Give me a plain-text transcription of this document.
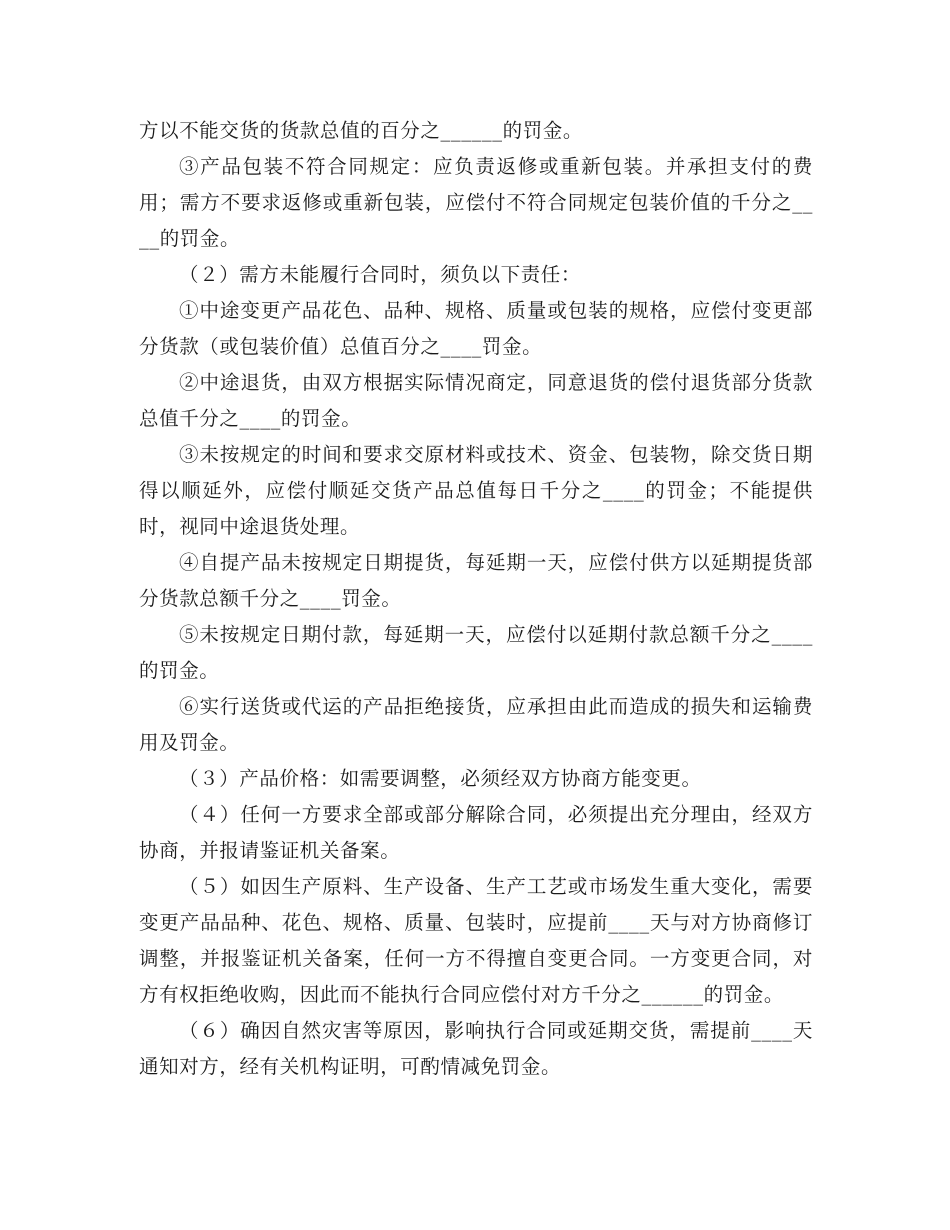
方以不能交货的货款总值的百分之______的罚金。

③产品包装不符合同规定：应负责返修或重新包装。并承担支付的费用；需方不要求返修或重新包装，应偿付不符合同规定包装价值的千分之____的罚金。

（２）需方未能履行合同时，须负以下责任：

①中途变更产品花色、品种、规格、质量或包装的规格，应偿付变更部分货款（或包装价值）总值百分之____罚金。

②中途退货，由双方根据实际情况商定，同意退货的偿付退货部分货款总值千分之____的罚金。

③未按规定的时间和要求交原材料或技术、资金、包装物，除交货日期得以顺延外，应偿付顺延交货产品总值每日千分之____的罚金；不能提供时，视同中途退货处理。

④自提产品未按规定日期提货，每延期一天，应偿付供方以延期提货部分货款总额千分之____罚金。

⑤未按规定日期付款，每延期一天，应偿付以延期付款总额千分之____的罚金。

⑥实行送货或代运的产品拒绝接货，应承担由此而造成的损失和运输费用及罚金。

（３）产品价格：如需要调整，必须经双方协商方能变更。

（４）任何一方要求全部或部分解除合同，必须提出充分理由，经双方协商，并报请鉴证机关备案。

（５）如因生产原料、生产设备、生产工艺或市场发生重大变化，需要变更产品品种、花色、规格、质量、包装时，应提前____天与对方协商修订调整，并报鉴证机关备案，任何一方不得擅自变更合同。一方变更合同，对方有权拒绝收购，因此而不能执行合同应偿付对方千分之______的罚金。

（６）确因自然灾害等原因，影响执行合同或延期交货，需提前____天通知对方，经有关机构证明，可酌情减免罚金。
